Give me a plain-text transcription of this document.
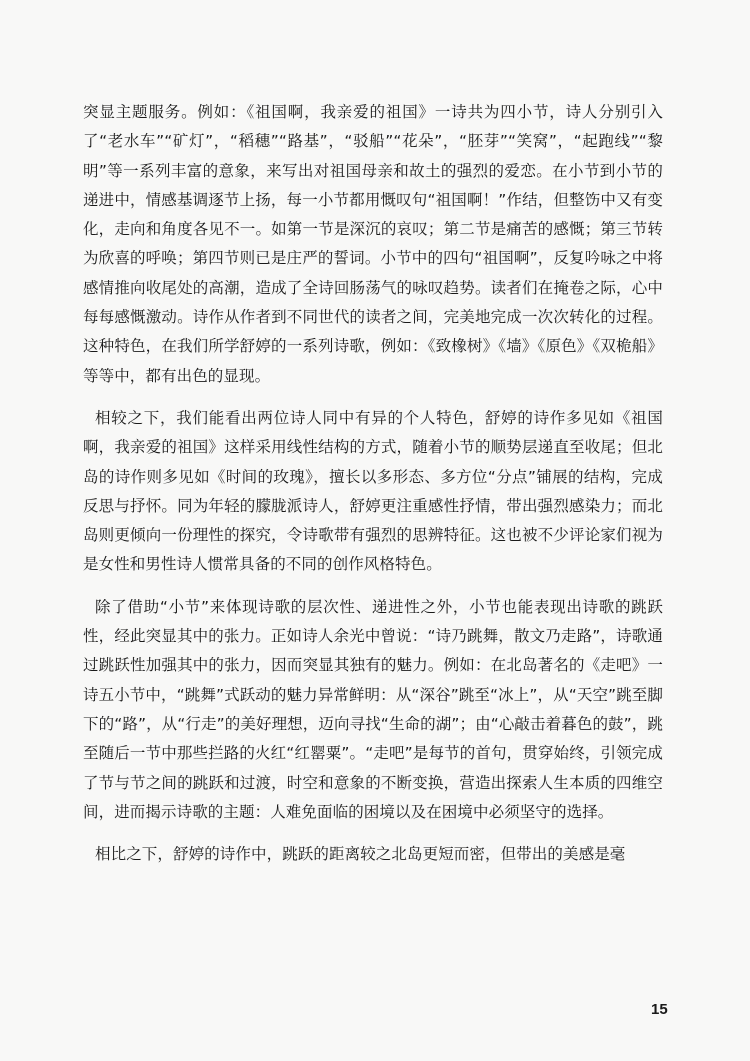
突显主题服务。例如：《祖国啊，我亲爱的祖国》一诗共为四小节，诗人分别引入了“老水车”“矿灯”，“稻穗”“路基”，“驳船”“花朵”，“胚芽”“笑窝”，“起跑线”“黎明”等一系列丰富的意象，来写出对祖国母亲和故土的强烈的爱恋。在小节到小节的递进中，情感基调逐节上扬，每一小节都用慨叹句“祖国啊！”作结，但整饬中又有变化，走向和角度各见不一。如第一节是深沉的哀叹；第二节是痛苦的感慨；第三节转为欣喜的呼唤；第四节则已是庄严的誓词。小节中的四句“祖国啊”，反复吟咏之中将感情推向收尾处的高潮，造成了全诗回肠荡气的咏叹趋势。读者们在掩卷之际，心中每每感慨激动。诗作从作者到不同世代的读者之间，完美地完成一次次转化的过程。这种特色，在我们所学舒婷的一系列诗歌，例如：《致橡树》《墙》《原色》《双桅船》等等中，都有出色的显现。

相较之下，我们能看出两位诗人同中有异的个人特色，舒婷的诗作多见如《祖国啊，我亲爱的祖国》这样采用线性结构的方式，随着小节的顺势层递直至收尾；但北岛的诗作则多见如《时间的玫瑰》，擅长以多形态、多方位“分点”铺展的结构，完成反思与抒怀。同为年轻的朦胧派诗人，舒婷更注重感性抒情，带出强烈感染力；而北岛则更倾向一份理性的探究，令诗歌带有强烈的思辨特征。这也被不少评论家们视为是女性和男性诗人惯常具备的不同的创作风格特色。

除了借助“小节”来体现诗歌的层次性、递进性之外，小节也能表现出诗歌的跳跃性，经此突显其中的张力。正如诗人余光中曾说：“诗乃跳舞，散文乃走路”，诗歌通过跳跃性加强其中的张力，因而突显其独有的魅力。例如：在北岛著名的《走吧》一诗五小节中，“跳舞”式跃动的魅力异常鲜明：从“深谷”跳至“冰上”，从“天空”跳至脚下的“路”，从“行走”的美好理想，迈向寻找“生命的湖”；由“心敲击着暮色的鼓”，跳至随后一节中那些拦路的火红“红罂粟”。“走吧”是每节的首句，贯穿始终，引领完成了节与节之间的跳跃和过渡，时空和意象的不断变换，营造出探索人生本质的四维空间，进而揭示诗歌的主题：人难免面临的困境以及在困境中必须坚守的选择。

相比之下，舒婷的诗作中，跳跃的距离较之北岛更短而密，但带出的美感是毫

15
